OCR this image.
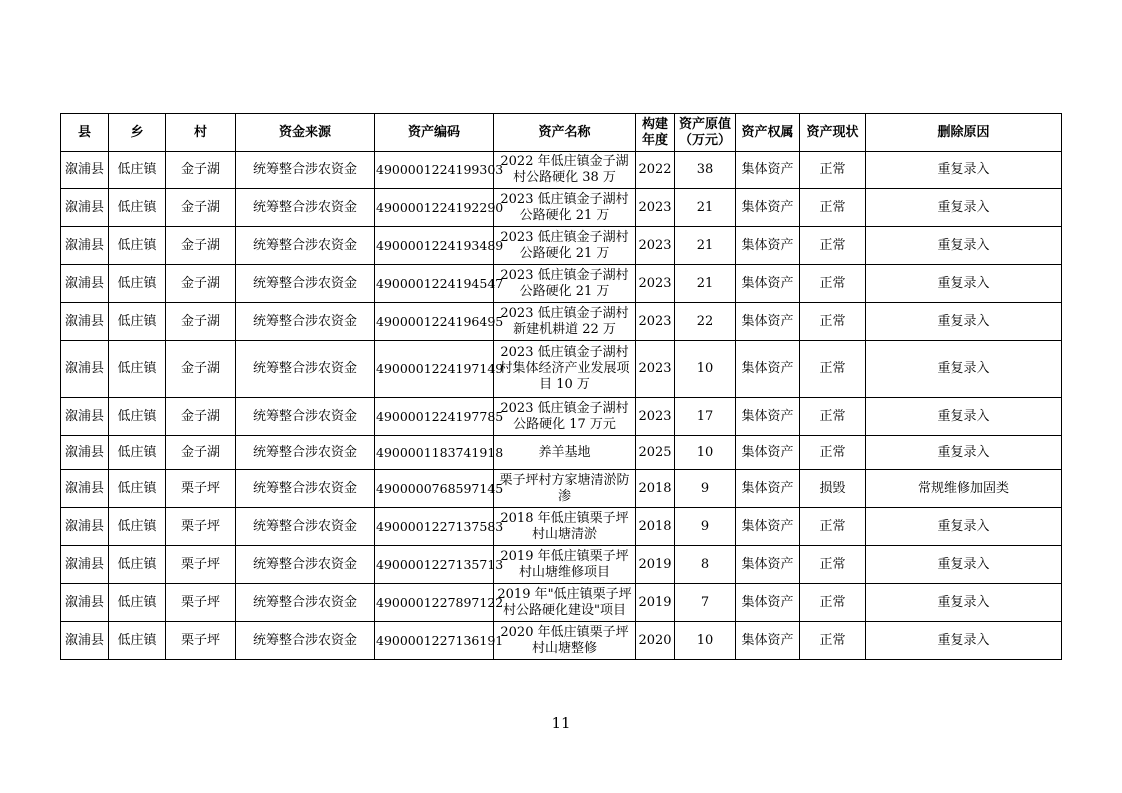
县	乡	村	资金来源	资产编码	资产名称	构建年度	资产原值（万元）	资产权属	资产现状	删除原因
溆浦县	低庄镇	金子湖	统筹整合涉农资金	4900001224199303	2022 年低庄镇金子湖村公路硬化 38 万	2022	38	集体资产	正常	重复录入
溆浦县	低庄镇	金子湖	统筹整合涉农资金	4900001224192290	2023 低庄镇金子湖村公路硬化 21 万	2023	21	集体资产	正常	重复录入
溆浦县	低庄镇	金子湖	统筹整合涉农资金	4900001224193489	2023 低庄镇金子湖村公路硬化 21 万	2023	21	集体资产	正常	重复录入
溆浦县	低庄镇	金子湖	统筹整合涉农资金	4900001224194547	2023 低庄镇金子湖村公路硬化 21 万	2023	21	集体资产	正常	重复录入
溆浦县	低庄镇	金子湖	统筹整合涉农资金	4900001224196495	2023 低庄镇金子湖村新建机耕道 22 万	2023	22	集体资产	正常	重复录入
溆浦县	低庄镇	金子湖	统筹整合涉农资金	4900001224197149	2023 低庄镇金子湖村村集体经济产业发展项目 10 万	2023	10	集体资产	正常	重复录入
溆浦县	低庄镇	金子湖	统筹整合涉农资金	4900001224197785	2023 低庄镇金子湖村公路硬化 17 万元	2023	17	集体资产	正常	重复录入
溆浦县	低庄镇	金子湖	统筹整合涉农资金	4900001183741918	养羊基地	2025	10	集体资产	正常	重复录入
溆浦县	低庄镇	栗子坪	统筹整合涉农资金	4900000768597145	栗子坪村方家塘清淤防渗	2018	9	集体资产	损毁	常规维修加固类
溆浦县	低庄镇	栗子坪	统筹整合涉农资金	4900001227137583	2018 年低庄镇栗子坪村山塘清淤	2018	9	集体资产	正常	重复录入
溆浦县	低庄镇	栗子坪	统筹整合涉农资金	4900001227135713	2019 年低庄镇栗子坪村山塘维修项目	2019	8	集体资产	正常	重复录入
溆浦县	低庄镇	栗子坪	统筹整合涉农资金	4900001227897122	2019 年"低庄镇栗子坪村公路硬化建设"项目	2019	7	集体资产	正常	重复录入
溆浦县	低庄镇	栗子坪	统筹整合涉农资金	4900001227136191	2020 年低庄镇栗子坪村山塘整修	2020	10	集体资产	正常	重复录入
11
